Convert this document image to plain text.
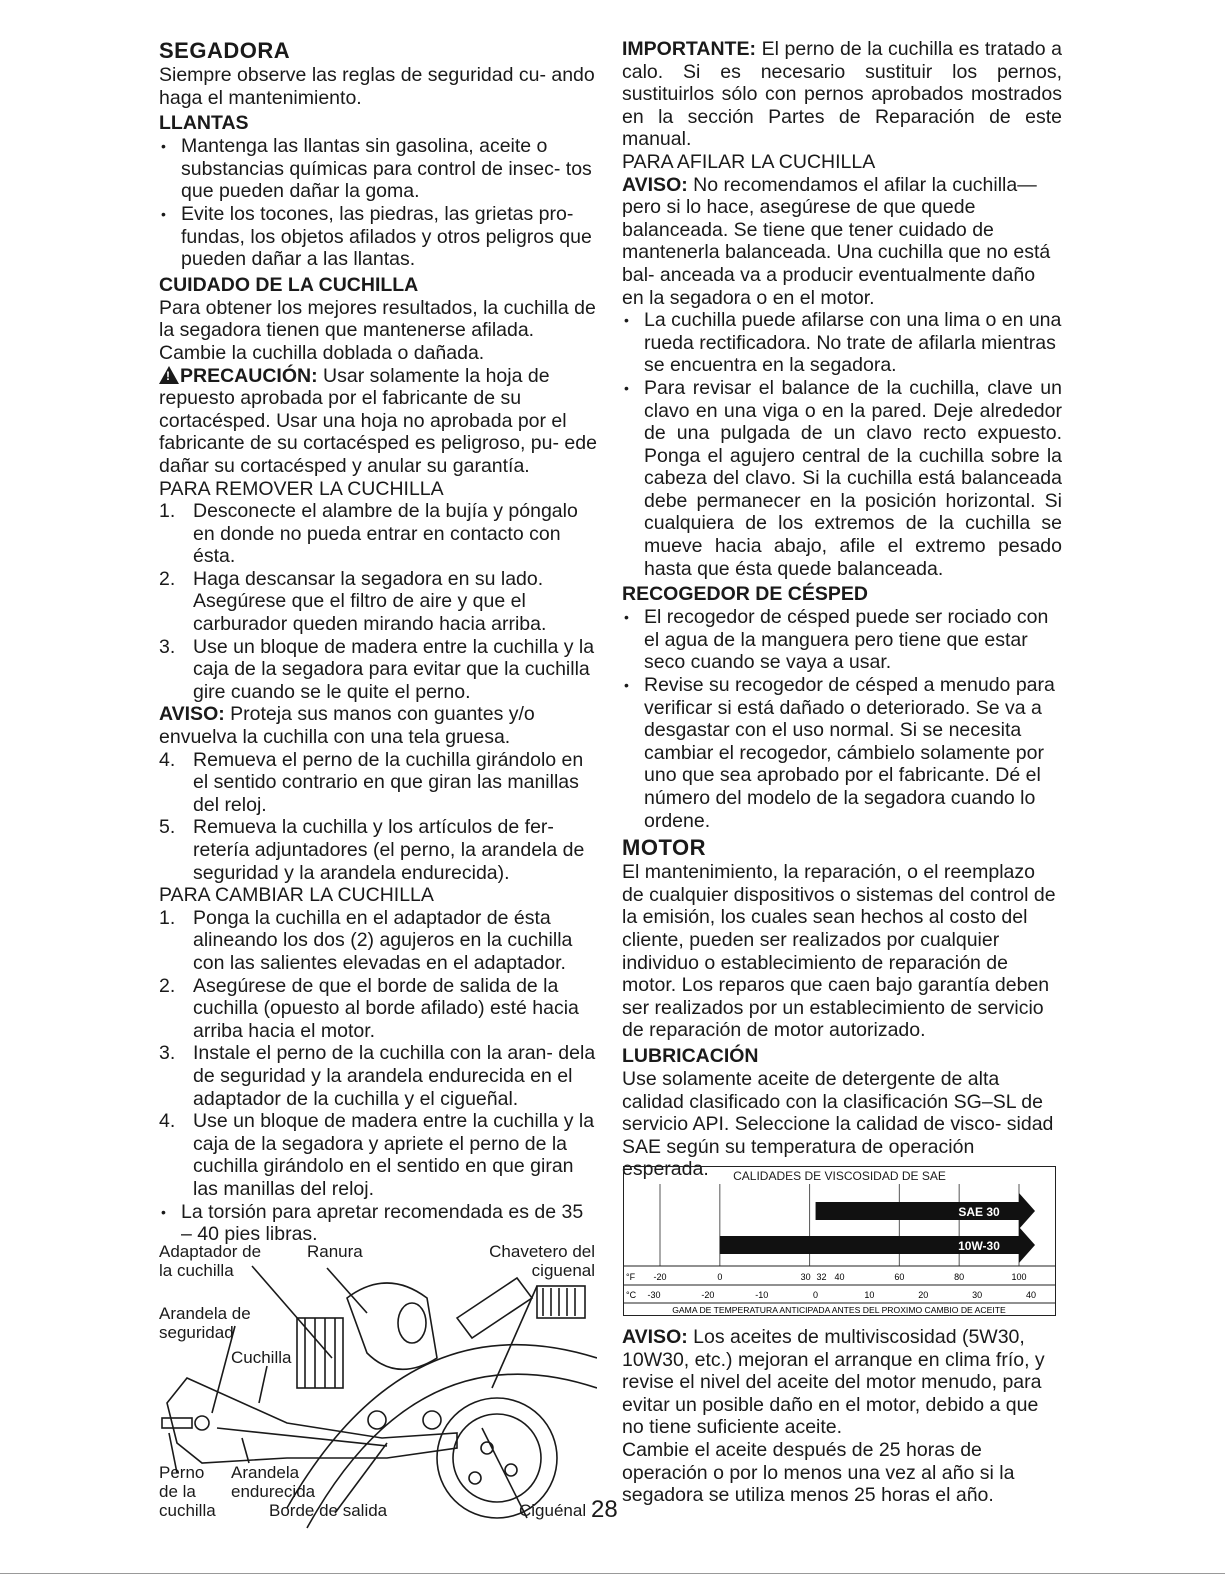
SEGADORA

Siempre observe las reglas de seguridad cu- ando haga el mantenimiento.

LLANTAS

• Mantenga las llantas sin gasolina, aceite o substancias químicas para control de insec- tos que pueden dañar la goma.
• Evite los tocones, las piedras, las grietas pro- fundas, los objetos afilados y otros peligros que pueden dañar a las llantas.

CUIDADO DE LA CUCHILLA

Para obtener los mejores resultados, la cuchilla de la segadora tienen que mantenerse afilada. Cambie la cuchilla doblada o dañada.

!PRECAUCIÓN: Usar solamente la hoja de repuesto aprobada por el fabricante de su cortacésped. Usar una hoja no aprobada por el fabricante de su cortacésped es peligroso, pu- ede dañar su cortacésped y anular su garantía.

PARA REMOVER LA CUCHILLA

1. Desconecte el alambre de la bujía y póngalo en donde no pueda entrar en contacto con ésta.
2. Haga descansar la segadora en su lado. Asegúrese que el filtro de aire y que el carburador queden mirando hacia arriba.
3. Use un bloque de madera entre la cuchilla y la caja de la segadora para evitar que la cuchilla gire cuando se le quite el perno.

AVISO: Proteja sus manos con guantes y/o envuelva la cuchilla con una tela gruesa.

4. Remueva el perno de la cuchilla girándolo en el sentido contrario en que giran las manillas del reloj.
5. Remueva la cuchilla y los artículos de fer- retería adjuntadores (el perno, la arandela de seguridad y la arandela endurecida).

PARA CAMBIAR LA CUCHILLA

1. Ponga la cuchilla en el adaptador de ésta alineando los dos (2) agujeros en la cuchilla con las salientes elevadas en el adaptador.
2. Asegúrese de que el borde de salida de la cuchilla (opuesto al borde afilado) esté hacia arriba hacia el motor.
3. Instale el perno de la cuchilla con la aran- dela de seguridad y la arandela endurecida en el adaptador de la cuchilla y el cigueñal.
4. Use un bloque de madera entre la cuchilla y la caja de la segadora y apriete el perno de la cuchilla girándolo en el sentido en que giran las manillas del reloj.
• La torsión para apretar recomendada es de 35 – 40 pies libras.
Adaptador de
la cuchilla
Ranura	Chavetero del
ciguenal
Arandela de
seguridad
Cuchilla
Perno
de la
cuchilla
Arandela
endurecida
Borde de salida	Ciguénal 28

IMPORTANTE: El perno de la cuchilla es tratado a calo. Si es necesario sustituir los pernos, sustituirlos sólo con pernos aprobados mostrados en la sección Partes de Reparación de este manual.

PARA AFILAR LA CUCHILLA

AVISO: No recomendamos el afilar la cuchilla—pero si lo hace, asegúrese de que quede balanceada. Se tiene que tener cuidado de mantenerla balanceada. Una cuchilla que no está bal- anceada va a producir eventualmente daño en la segadora o en el motor.

• La cuchilla puede afilarse con una lima o en una rueda rectificadora. No trate de afilarla mientras se encuentra en la segadora.
• Para revisar el balance de la cuchilla, clave un clavo en una viga o en la pared. Deje alrededor de una pulgada de un clavo recto expuesto. Ponga el agujero central de la cuchilla sobre la cabeza del clavo. Si la cuchilla está balanceada debe permanecer en la posición horizontal. Si cualquiera de los extremos de la cuchilla se mueve hacia abajo, afile el extremo pesado hasta que ésta quede balanceada.

RECOGEDOR DE CÉSPED

• El recogedor de césped puede ser rociado con el agua de la manguera pero tiene que estar seco cuando se vaya a usar.
• Revise su recogedor de césped a menudo para verificar si está dañado o deteriorado. Se va a desgastar con el uso normal. Si se necesita cambiar el recogedor, cámbielo solamente por uno que sea aprobado por el fabricante. Dé el número del modelo de la segadora cuando lo ordene.

MOTOR

El mantenimiento, la reparación, o el reemplazo de cualquier dispositivos o sistemas del control de la emisión, los cuales sean hechos al costo del cliente, pueden ser realizados por cualquier individuo o establecimiento de reparación de motor. Los reparos que caen bajo garantía deben ser realizados por un establecimiento de servicio de reparación de motor autorizado.

LUBRICACIÓN

Use solamente aceite de detergente de alta calidad clasificado con la clasificación SG–SL de servicio API. Seleccione la calidad de visco- sidad SAE según su temperatura de operación esperada.	CALIDADES DE VISCOSIDAD DE SAE
SAE 30
10W-30
°F -20	0	30 32 40	60	80	100
°C -30	-20	-10	0	10	20	30	40
GAMA DE TEMPERATURA ANTICIPADA ANTES DEL PROXIMO CAMBIO DE ACEITE

AVISO: Los aceites de multiviscosidad (5W30, 10W30, etc.) mejoran el arranque en clima frío, y revise el nivel del aceite del motor menudo, para evitar un posible daño en el motor, debido a que no tiene suficiente aceite.

Cambie el aceite después de 25 horas de operación o por lo menos una vez al año si la segadora se utiliza menos 25 horas el año.
